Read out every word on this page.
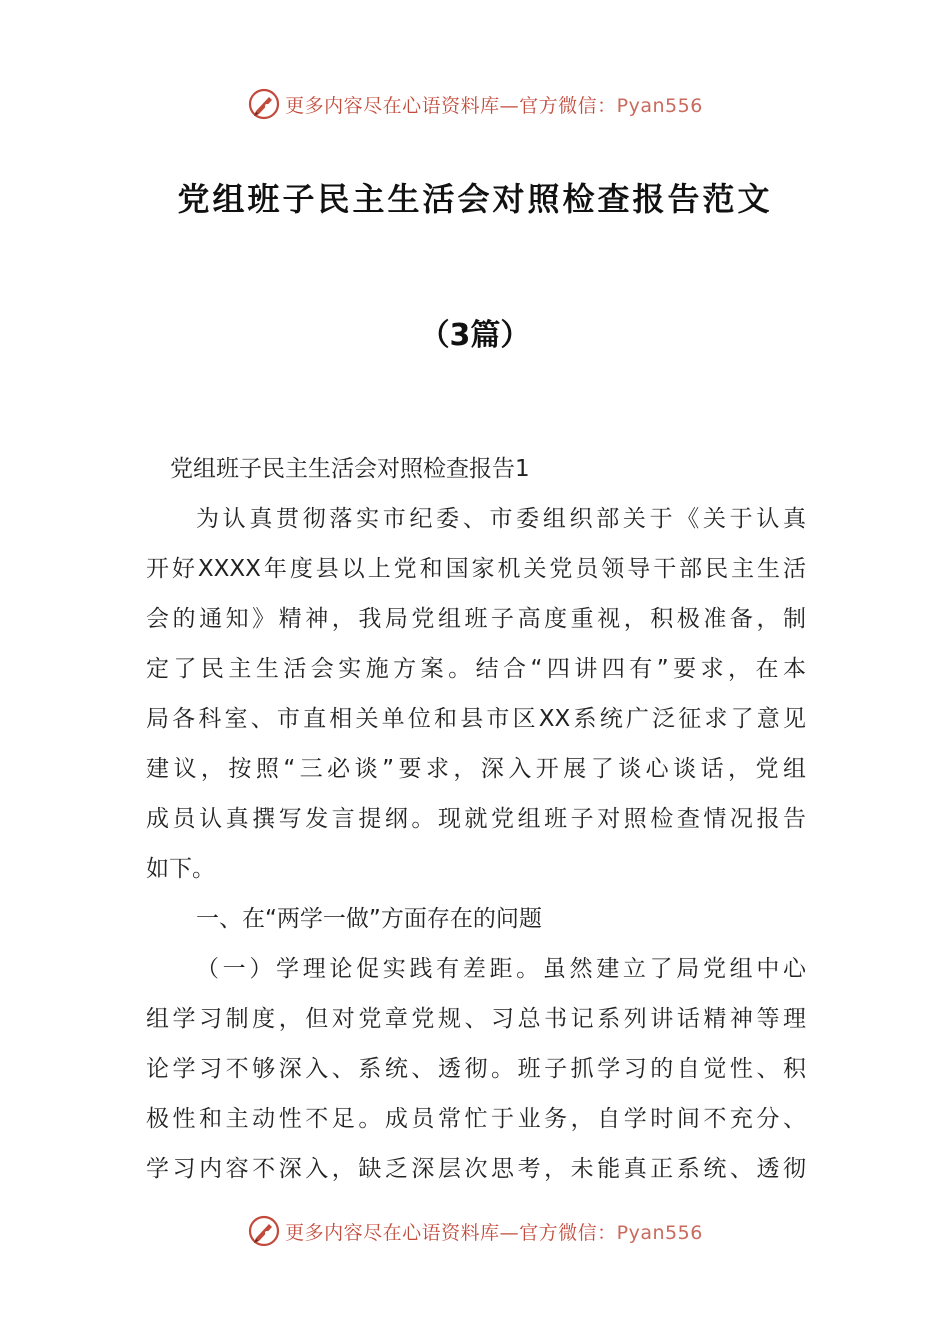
更多内容尽在心语资料库—官方微信：Pyan556
党组班子民主生活会对照检查报告范文
（3篇）
党组班子民主生活会对照检查报告1
为认真贯彻落实市纪委、市委组织部关于《关于认真
开好XXXX年度县以上党和国家机关党员领导干部民主生活
会的通知》精神，我局党组班子高度重视，积极准备，制
定了民主生活会实施方案。结合“四讲四有”要求，在本
局各科室、市直相关单位和县市区XX系统广泛征求了意见
建议，按照“三必谈”要求，深入开展了谈心谈话，党组
成员认真撰写发言提纲。现就党组班子对照检查情况报告
如下。
一、在“两学一做”方面存在的问题
（一）学理论促实践有差距。虽然建立了局党组中心
组学习制度，但对党章党规、习总书记系列讲话精神等理
论学习不够深入、系统、透彻。班子抓学习的自觉性、积
极性和主动性不足。成员常忙于业务，自学时间不充分、
学习内容不深入，缺乏深层次思考，未能真正系统、透彻
更多内容尽在心语资料库—官方微信：Pyan556
